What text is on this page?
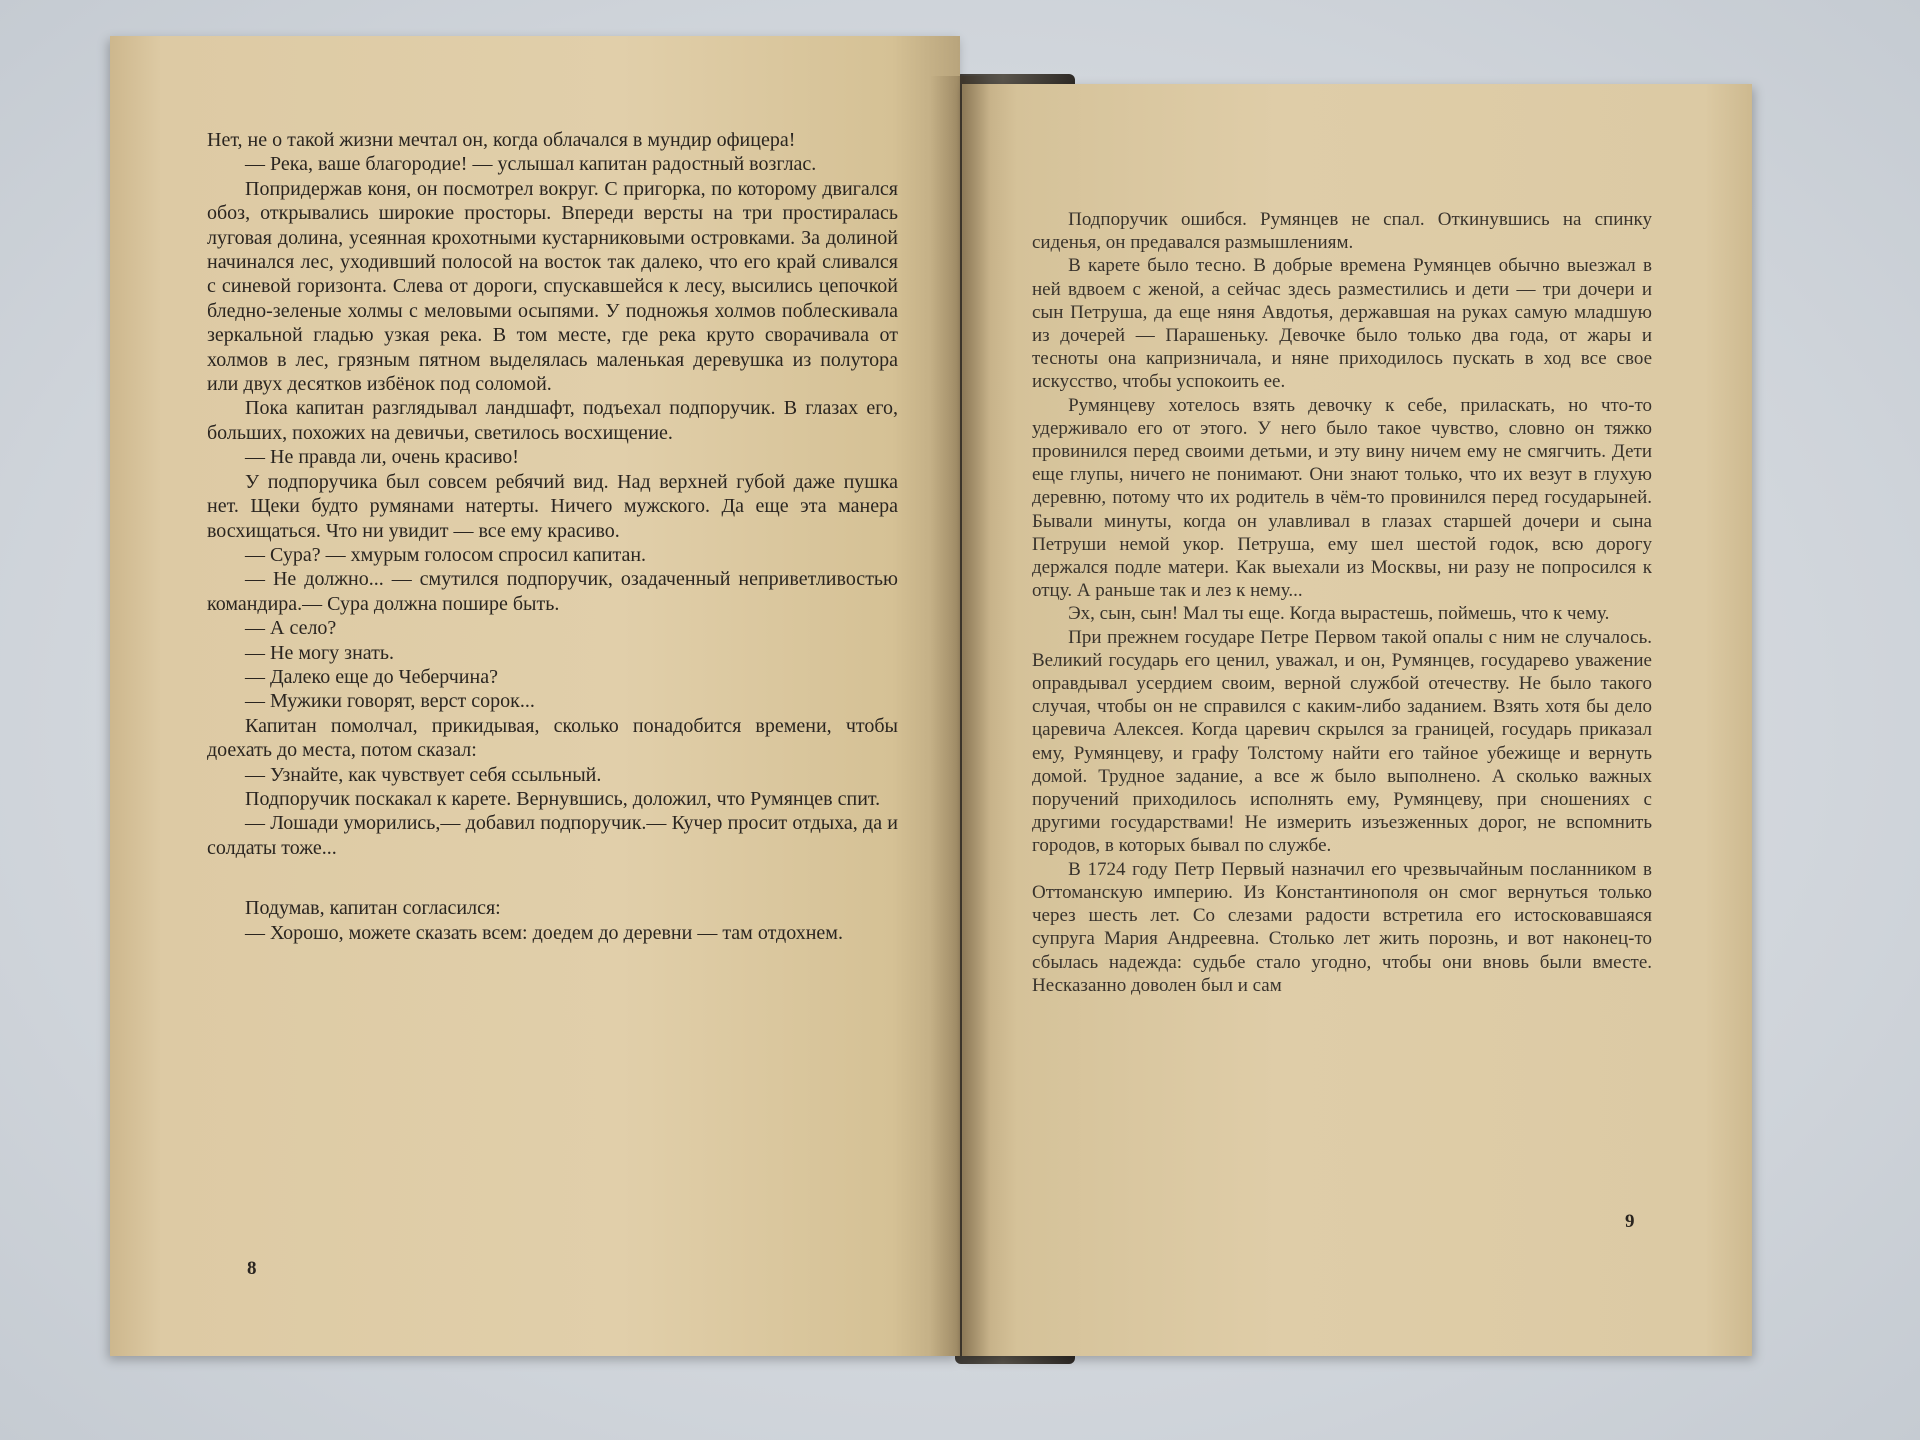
Нет, не о такой жизни мечтал он, когда облачался в мундир офицера!

— Река, ваше благородие! — услышал капитан радостный возглас.

Попридержав коня, он посмотрел вокруг. С пригорка, по которому двигался обоз, открывались широкие просторы. Впереди версты на три простиралась луговая долина, усеянная крохотными кустарниковыми островками. За долиной начинался лес, уходивший полосой на восток так далеко, что его край сливался с синевой горизонта. Слева от дороги, спускавшейся к лесу, высились цепочкой бледно-зеленые холмы с меловыми осыпями. У подножья холмов поблескивала зеркальной гладью узкая река. В том месте, где река круто сворачивала от холмов в лес, грязным пятном выделялась маленькая деревушка из полутора или двух десятков избёнок под соломой.

Пока капитан разглядывал ландшафт, подъехал подпоручик. В глазах его, больших, похожих на девичьи, светилось восхищение.

— Не правда ли, очень красиво!

У подпоручика был совсем ребячий вид. Над верхней губой даже пушка нет. Щеки будто румянами натерты. Ничего мужского. Да еще эта манера восхищаться. Что ни увидит — все ему красиво.

— Сура? — хмурым голосом спросил капитан.

— Не должно... — смутился подпоручик, озадаченный неприветливостью командира.— Сура должна пошире быть.

— А село?

— Не могу знать.

— Далеко еще до Чеберчина?

— Мужики говорят, верст сорок...

Капитан помолчал, прикидывая, сколько понадобится времени, чтобы доехать до места, потом сказал:

— Узнайте, как чувствует себя ссыльный.

Подпоручик поскакал к карете. Вернувшись, доложил, что Румянцев спит.

— Лошади уморились,— добавил подпоручик.— Кучер просит отдыха, да и солдаты тоже...

Подумав, капитан согласился:

— Хорошо, можете сказать всем: доедем до деревни — там отдохнем.

8

Подпоручик ошибся. Румянцев не спал. Откинувшись на спинку сиденья, он предавался размышлениям.

В карете было тесно. В добрые времена Румянцев обычно выезжал в ней вдвоем с женой, а сейчас здесь разместились и дети — три дочери и сын Петруша, да еще няня Авдотья, державшая на руках самую младшую из дочерей — Парашеньку. Девочке было только два года, от жары и тесноты она капризничала, и няне приходилось пускать в ход все свое искусство, чтобы успокоить ее.

Румянцеву хотелось взять девочку к себе, приласкать, но что-то удерживало его от этого. У него было такое чувство, словно он тяжко провинился перед своими детьми, и эту вину ничем ему не смягчить. Дети еще глупы, ничего не понимают. Они знают только, что их везут в глухую деревню, потому что их родитель в чём-то провинился перед государыней. Бывали минуты, когда он улавливал в глазах старшей дочери и сына Петруши немой укор. Петруша, ему шел шестой годок, всю дорогу держался подле матери. Как выехали из Москвы, ни разу не попросился к отцу. А раньше так и лез к нему...

Эх, сын, сын! Мал ты еще. Когда вырастешь, поймешь, что к чему.

При прежнем государе Петре Первом такой опалы с ним не случалось. Великий государь его ценил, уважал, и он, Румянцев, государево уважение оправдывал усердием своим, верной службой отечеству. Не было такого случая, чтобы он не справился с каким-либо заданием. Взять хотя бы дело царевича Алексея. Когда царевич скрылся за границей, государь приказал ему, Румянцеву, и графу Толстому найти его тайное убежище и вернуть домой. Трудное задание, а все ж было выполнено. А сколько важных поручений приходилось исполнять ему, Румянцеву, при сношениях с другими государствами! Не измерить изъезженных дорог, не вспомнить городов, в которых бывал по службе.

В 1724 году Петр Первый назначил его чрезвычайным посланником в Оттоманскую империю. Из Константинополя он смог вернуться только через шесть лет. Со слезами радости встретила его истосковавшаяся супруга Мария Андреевна. Столько лет жить порознь, и вот наконец-то сбылась надежда: судьбе стало угодно, чтобы они вновь были вместе. Несказанно доволен был и сам

9
